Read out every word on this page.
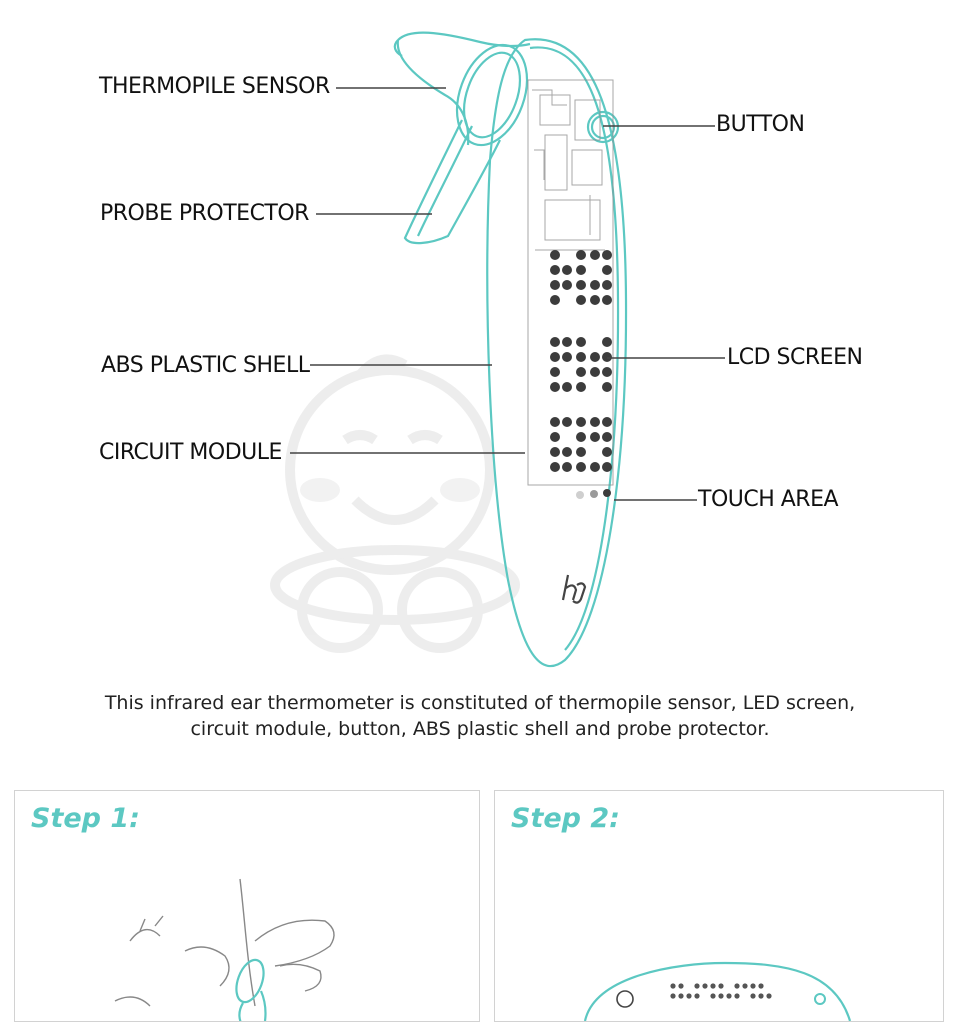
THERMOPILE SENSOR
PROBE PROTECTOR
ABS PLASTIC SHELL
CIRCUIT MODULE
BUTTON
LCD SCREEN
TOUCH AREA
This infrared ear thermometer is constituted of thermopile sensor, LED screen,
circuit module, button, ABS plastic shell and probe protector.
Step 1:	Step 2:
